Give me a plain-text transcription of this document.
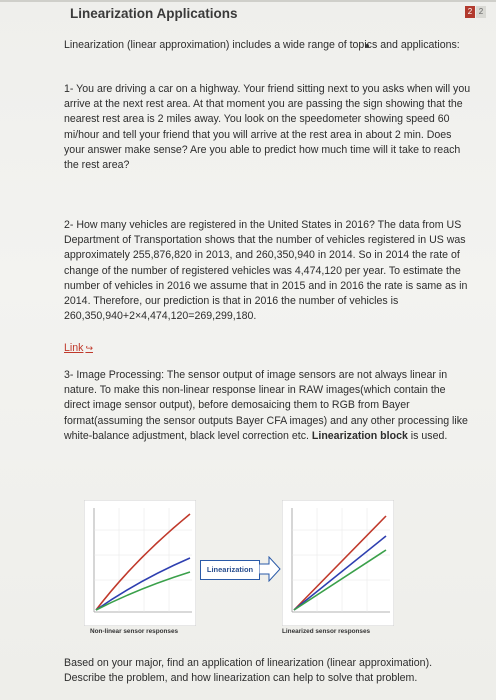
Linearization Applications	2 2
Linearization (linear approximation) includes a wide range of topics and applications:
1- You are driving a car on a highway. Your friend sitting next to you asks when will you arrive at the next rest area. At that moment you are passing the sign showing that the nearest rest area is 2 miles away. You look on the speedometer showing speed 60 mi/hour and tell your friend that you will arrive at the rest area in about 2 min. Does your answer make sense? Are you able to predict how much time will it take to reach the rest area?
2- How many vehicles are registered in the United States in 2016? The data from US Department of Transportation shows that the number of vehicles registered in US was approximately 255,876,820 in 2013, and 260,350,940 in 2014. So in 2014 the rate of change of the number of registered vehicles was 4,474,120 per year. To estimate the number of vehicles in 2016 we assume that in 2015 and in 2016 the rate is same as in 2014. Therefore, our prediction is that in 2016 the number of vehicles is 260,350,940+2×4,474,120=269,299,180.
Link ↪
3- Image Processing: The sensor output of image sensors are not always linear in nature. To make this non-linear response linear in RAW images(which contain the direct image sensor output), before demosaicing them to RGB from Bayer format(assuming the sensor outputs Bayer CFA images) and any other processing like white-balance adjustment, black level correction etc. Linearization block is used.
Linearization
Non-linear sensor responses	Linearized sensor responses
Based on your major, find an application of linearization (linear approximation). Describe the problem, and how linearization can help to solve that problem.
